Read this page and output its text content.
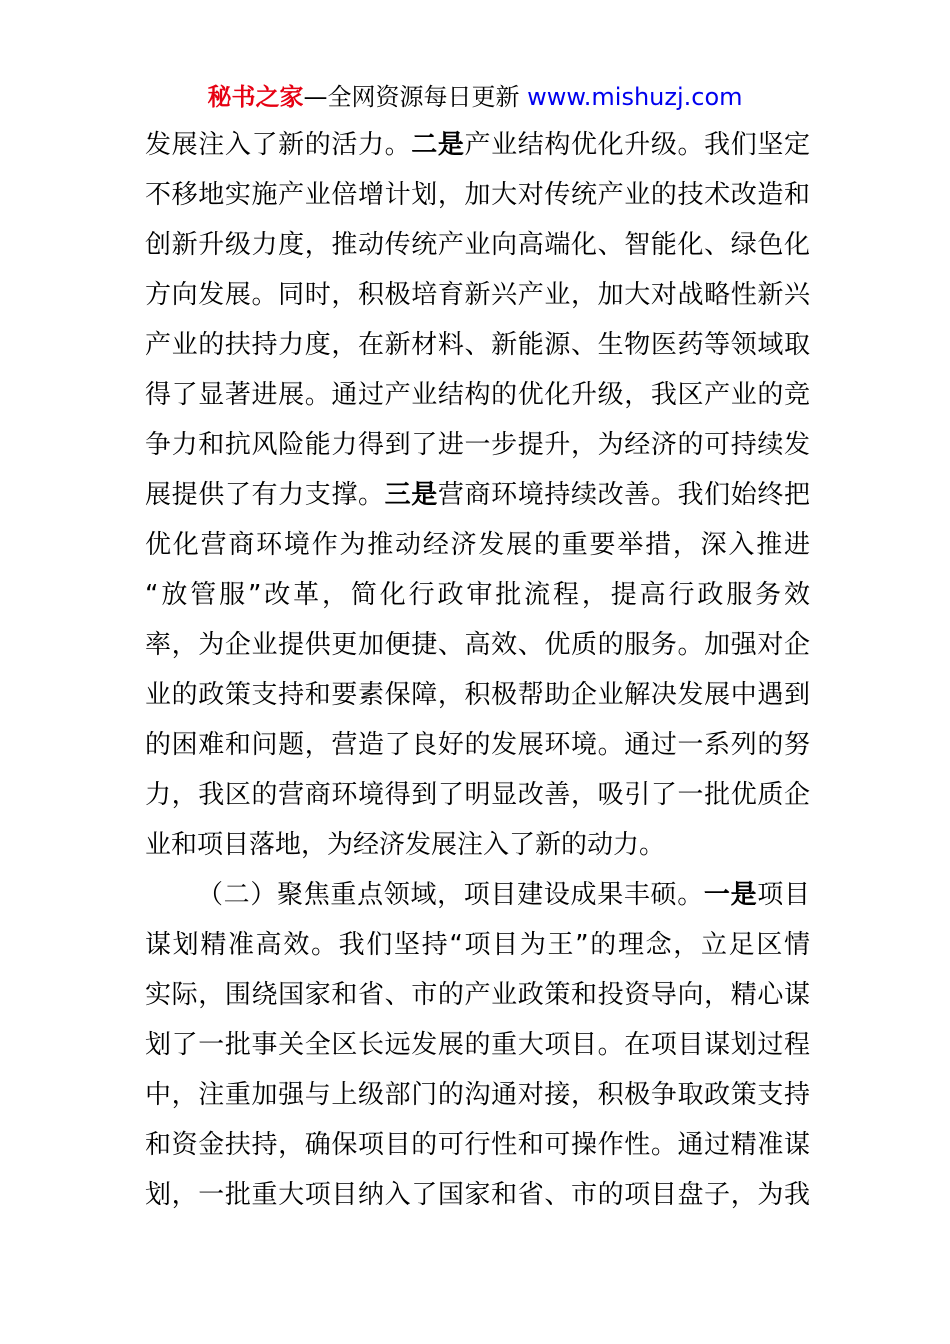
秘书之家—全网资源每日更新 www.mishuzj.com
发展注入了新的活力。二是产业结构优化升级。我们坚定
不移地实施产业倍增计划，加大对传统产业的技术改造和
创新升级力度，推动传统产业向高端化、智能化、绿色化
方向发展。同时，积极培育新兴产业，加大对战略性新兴
产业的扶持力度，在新材料、新能源、生物医药等领域取
得了显著进展。通过产业结构的优化升级，我区产业的竞
争力和抗风险能力得到了进一步提升，为经济的可持续发
展提供了有力支撑。三是营商环境持续改善。我们始终把
优化营商环境作为推动经济发展的重要举措，深入推进
“放管服”改革，简化行政审批流程，提高行政服务效
率，为企业提供更加便捷、高效、优质的服务。加强对企
业的政策支持和要素保障，积极帮助企业解决发展中遇到
的困难和问题，营造了良好的发展环境。通过一系列的努
力，我区的营商环境得到了明显改善，吸引了一批优质企
业和项目落地，为经济发展注入了新的动力。
（二）聚焦重点领域，项目建设成果丰硕。一是项目
谋划精准高效。我们坚持“项目为王”的理念，立足区情
实际，围绕国家和省、市的产业政策和投资导向，精心谋
划了一批事关全区长远发展的重大项目。在项目谋划过程
中，注重加强与上级部门的沟通对接，积极争取政策支持
和资金扶持，确保项目的可行性和可操作性。通过精准谋
划，一批重大项目纳入了国家和省、市的项目盘子，为我
